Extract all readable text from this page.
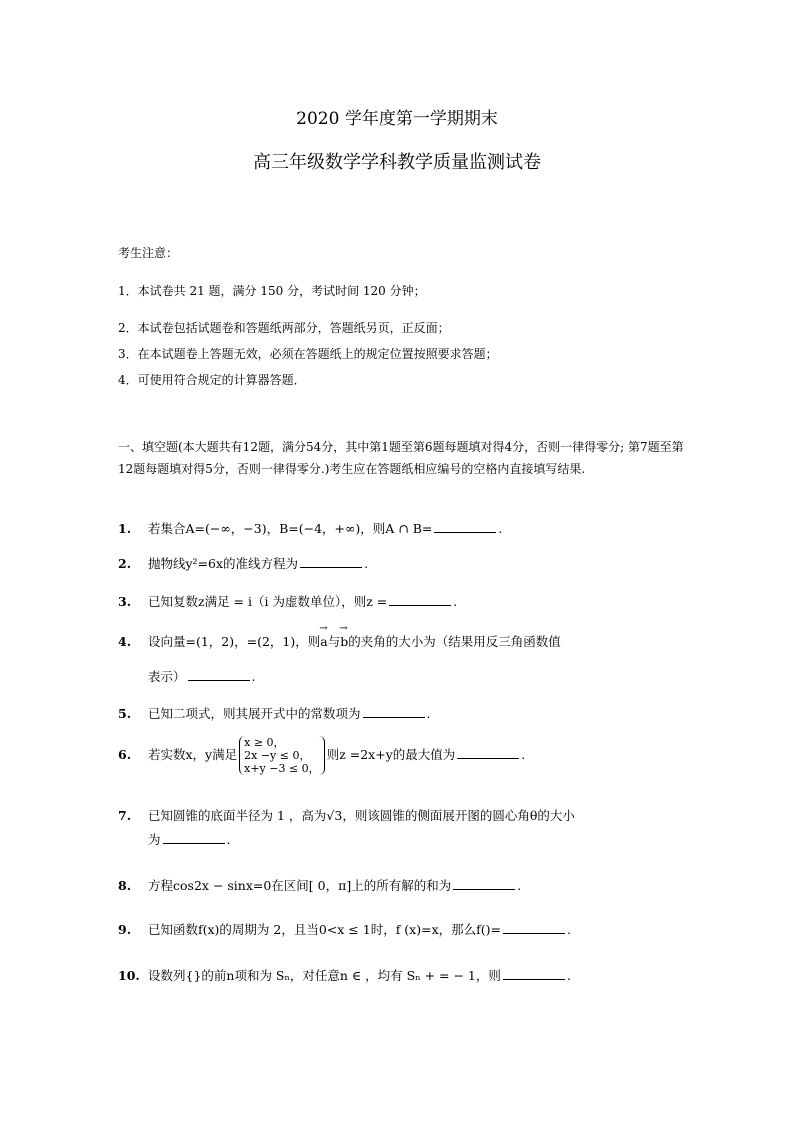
2020 学年度第一学期期末
高三年级数学学科教学质量监测试卷
考生注意：
1．本试卷共 21 题，满分 150 分，考试时间 120 分钟；
2．本试卷包括试题卷和答题纸两部分，答题纸另页，正反面；
3．在本试题卷上答题无效，必须在答题纸上的规定位置按照要求答题；
4．可使用符合规定的计算器答题．
一、填空题(本大题共有12题，满分54分，其中第1题至第6题每题填对得4分，否则一律得零分; 第7题至第12题每题填对得5分，否则一律得零分.)考生应在答题纸相应编号的空格内直接填写结果.
1. 若集合A=(−∞，−3)，B=(−4，+∞)，则A ∩ B=	.
2. 抛物线y²=6x的准线方程为	.
3. 已知复数z满足 = i（i 为虚数单位），则z =	.
4. 设向量=(1，2)，=(2，1)，则→ a与→ b的夹角的大小为（结果用反三角函数值
表示）	.
5. 已知二项式，则其展开式中的常数项为	.
6. 若实数x，y满足x ≥ 0，
2x −y ≤ 0，
x+y −3 ≤ 0，则z =2x+y的最大值为	.
7. 已知圆锥的底面半径为 1 ，高为√3，则该圆锥的侧面展开图的圆心角θ的大小
为	.
8. 方程cos2x − sinx=0在区间[ 0，π]上的所有解的和为	.
9. 已知函数f(x)的周期为 2，且当0<x ≤ 1时，f (x)=x，那么f()=	.
10. 设数列{}的前n项和为 Sₙ，对任意n ∈ ，均有 Sₙ + = − 1，则	.
